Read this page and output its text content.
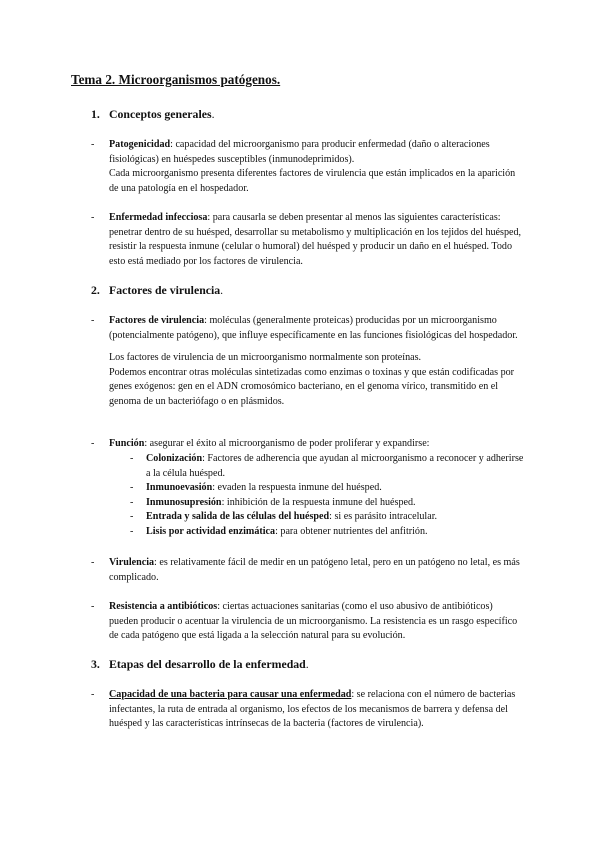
Tema 2. Microorganismos patógenos.
1. Conceptos generales.
- Patogenicidad: capacidad del microorganismo para producir enfermedad (daño o alteraciones fisiológicas) en huéspedes susceptibles (inmunodeprimidos).

Cada microorganismo presenta diferentes factores de virulencia que están implicados en la aparición de una patología en el hospedador.

- Enfermedad infecciosa: para causarla se deben presentar al menos las siguientes características: penetrar dentro de su huésped, desarrollar su metabolismo y multiplicación en los tejidos del huésped, resistir la respuesta inmune (celular o humoral) del huésped y producir un daño en el huésped. Todo esto está mediado por los factores de virulencia.

2. Factores de virulencia.
- Factores de virulencia: moléculas (generalmente proteicas) producidas por un microorganismo (potencialmente patógeno), que influye específicamente en las funciones fisiológicas del hospedador.

Los factores de virulencia de un microorganismo normalmente son proteínas.

Podemos encontrar otras moléculas sintetizadas como enzimas o toxinas y que están codificadas por genes exógenos: gen en el ADN cromosómico bacteriano, en el genoma vírico, transmitido en el genoma de un bacteriófago o en plásmidos.

- Función: asegurar el éxito al microorganismo de poder proliferar y expandirse:

- Colonización: Factores de adherencia que ayudan al microorganismo a reconocer y adherirse a la célula huésped.
- Inmunoevasión: evaden la respuesta inmune del huésped.
- Inmunosupresión: inhibición de la respuesta inmune del huésped.
- Entrada y salida de las células del huésped: si es parásito intracelular.
- Lisis por actividad enzimática: para obtener nutrientes del anfitrión.
- Virulencia: es relativamente fácil de medir en un patógeno letal, pero en un patógeno no letal, es más complicado.

- Resistencia a antibióticos: ciertas actuaciones sanitarias (como el uso abusivo de antibióticos) pueden producir o acentuar la virulencia de un microorganismo. La resistencia es un rasgo específico de cada patógeno que está ligada a la selección natural para su evolución.

3. Etapas del desarrollo de la enfermedad.
- Capacidad de una bacteria para causar una enfermedad: se relaciona con el número de bacterias infectantes, la ruta de entrada al organismo, los efectos de los mecanismos de barrera y defensa del huésped y las características intrínsecas de la bacteria (factores de virulencia).
